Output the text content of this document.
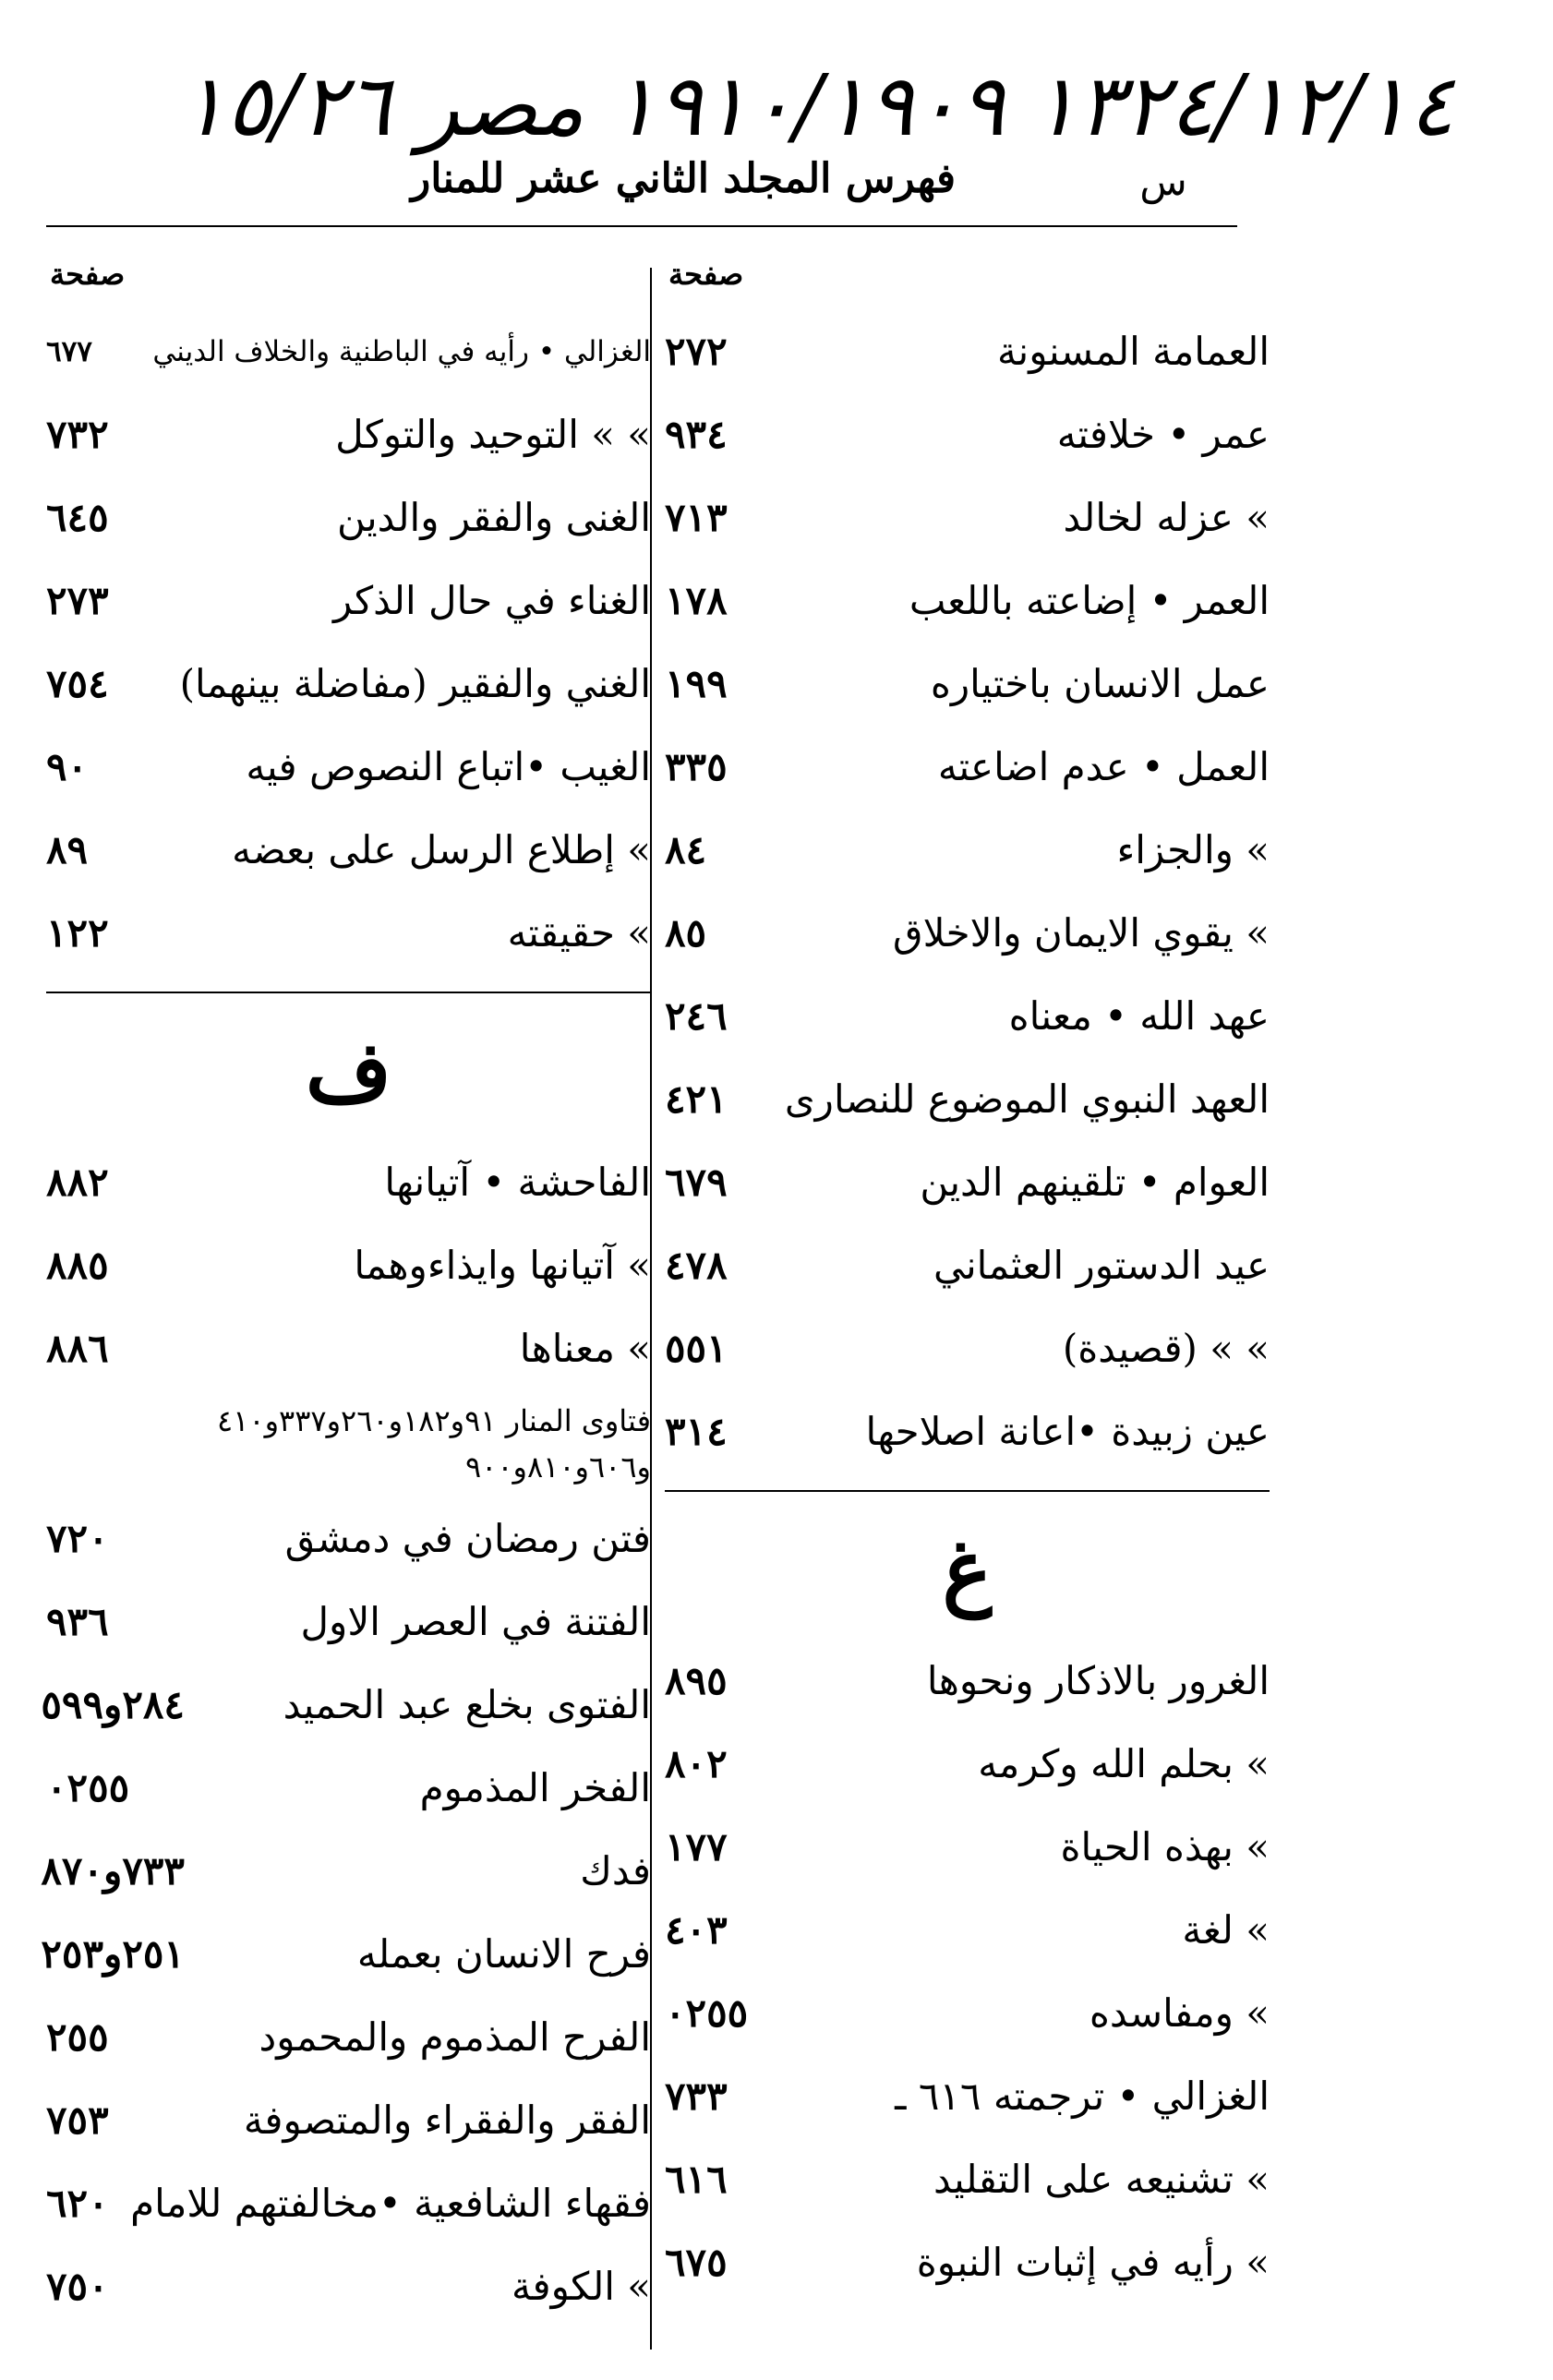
١٣٢٤/١٢/١٤ ١٩١٠/١٩٠٩ مصر ١٥/٢٦
فهرس المجلد الثاني عشر للمنار	س
صفحة
العمامة المسنونة
٢٧٢
عمر • خلافته
٩٣٤
» عزله لخالد
٧١٣
العمر • إضاعته باللعب
١٧٨
عمل الانسان باختياره
١٩٩
العمل • عدم اضاعته
٣٣٥
» والجزاء
٨٤
» يقوي الايمان والاخلاق
٨٥
عهد الله • معناه
٢٤٦
العهد النبوي الموضوع للنصارى
٤٢١
العوام • تلقينهم الدين
٦٧٩
عيد الدستور العثماني
٤٧٨
» » (قصيدة)
٥٥١
عين زبيدة •اعانة اصلاحها
٣١٤
غ
الغرور بالاذكار ونحوها
٨٩٥
» بحلم الله وكرمه
٨٠٢
» بهذه الحياة
١٧٧
» لغة
٤٠٣
» ومفاسده
٠٢٥٥
الغزالي • ترجمته ٦١٦ ـ
٧٣٣
» تشنيعه على التقليد
٦١٦
» رأيه في إثبات النبوة
٦٧٥
صفحة
الغزالي • رأيه في الباطنية والخلاف الديني
٦٧٧
» » التوحيد والتوكل
٧٣٢
الغنى والفقر والدين
٦٤٥
الغناء في حال الذكر
٢٧٣
الغني والفقير (مفاضلة بينهما)
٧٥٤
الغيب •اتباع النصوص فيه
٩٠
» إطلاع الرسل على بعضه
٨٩
» حقيقته
١٢٢
ف
الفاحشة • آتيانها
٨٨٢
» آتيانها وايذاءوهما
٨٨٥
» معناها
٨٨٦
فتاوى المنار ٩١و١٨٢و٢٦٠و٣٣٧و٤١٠
و٦٠٦و٨١٠و٩٠٠
فتن رمضان في دمشق
٧٢٠
الفتنة في العصر الاول
٩٣٦
الفتوى بخلع عبد الحميد
٢٨٤و٥٩٩
الفخر المذموم
٠٢٥٥
فدك
٧٣٣و٨٧٠
فرح الانسان بعمله
٢٥١و٢٥٣
الفرح المذموم والمحمود
٢٥٥
الفقر والفقراء والمتصوفة
٧٥٣
فقهاء الشافعية •مخالفتهم للامام
٦٢٠
» الكوفة
٧٥٠
